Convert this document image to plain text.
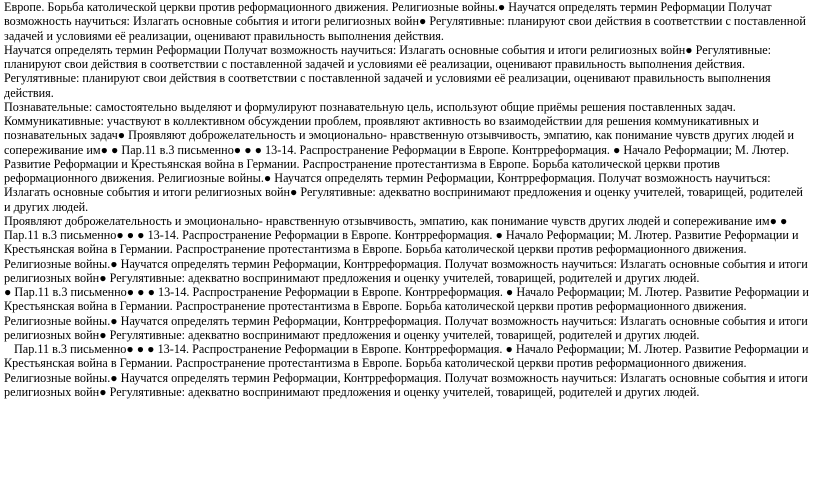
Европе. Борьба католической церкви против реформационного движения. Религиозные войны.● Научатся определять термин Реформации Получат возможность научиться: Излагать основные события и итоги религиозных войн● Регулятивные: планируют свои действия в соответствии с поставленной задачей и условиями её реализации, оценивают правильность выполнения действия.

Научатся определять термин Реформации Получат возможность научиться: Излагать основные события и итоги религиозных войн● Регулятивные: планируют свои действия в соответствии с поставленной задачей и условиями её реализации, оценивают правильность выполнения действия.

Регулятивные: планируют свои действия в соответствии с поставленной задачей и условиями её реализации, оценивают правильность выполнения действия.

Познавательные: самостоятельно выделяют и формулируют познавательную цель, используют общие приёмы решения поставленных задач. Коммуникативные: участвуют в коллективном обсуждении проблем, проявляют активность во взаимодействии для решения коммуникативных и познавательных задач● Проявляют доброжелательность и эмоционально- нравственную отзывчивость, эмпатию, как понимание чувств других людей и сопереживание им● ● Пар.11 в.3 письменно● ● ● 13-14. Распространение Реформации в Европе. Контрреформация. ● Начало Реформации; М. Лютер. Развитие Реформации и Крестьянская война в Германии. Распространение протестантизма в Европе. Борьба католической церкви против реформационного движения. Религиозные войны.● Научатся определять термин Реформации, Контрреформация. Получат возможность научиться: Излагать основные события и итоги религиозных войн● Регулятивные: адекватно воспринимают предложения и оценку учителей, товарищей, родителей и других людей.

Проявляют доброжелательность и эмоционально- нравственную отзывчивость, эмпатию, как понимание чувств других людей и сопереживание им● ● Пар.11 в.3 письменно● ● ● 13-14. Распространение Реформации в Европе. Контрреформация. ● Начало Реформации; М. Лютер. Развитие Реформации и Крестьянская война в Германии. Распространение протестантизма в Европе. Борьба католической церкви против реформационного движения. Религиозные войны.● Научатся определять термин Реформации, Контрреформация. Получат возможность научиться: Излагать основные события и итоги религиозных войн● Регулятивные: адекватно воспринимают предложения и оценку учителей, товарищей, родителей и других людей.

● Пар.11 в.3 письменно● ● ● 13-14. Распространение Реформации в Европе. Контрреформация. ● Начало Реформации; М. Лютер. Развитие Реформации и Крестьянская война в Германии. Распространение протестантизма в Европе. Борьба католической церкви против реформационного движения. Религиозные войны.● Научатся определять термин Реформации, Контрреформация. Получат возможность научиться: Излагать основные события и итоги религиозных войн● Регулятивные: адекватно воспринимают предложения и оценку учителей, товарищей, родителей и других людей.

Пар.11 в.3 письменно● ● ● 13-14. Распространение Реформации в Европе. Контрреформация. ● Начало Реформации; М. Лютер. Развитие Реформации и Крестьянская война в Германии. Распространение протестантизма в Европе. Борьба католической церкви против реформационного движения. Религиозные войны.● Научатся определять термин Реформации, Контрреформация. Получат возможность научиться: Излагать основные события и итоги религиозных войн● Регулятивные: адекватно воспринимают предложения и оценку учителей, товарищей, родителей и других людей.
